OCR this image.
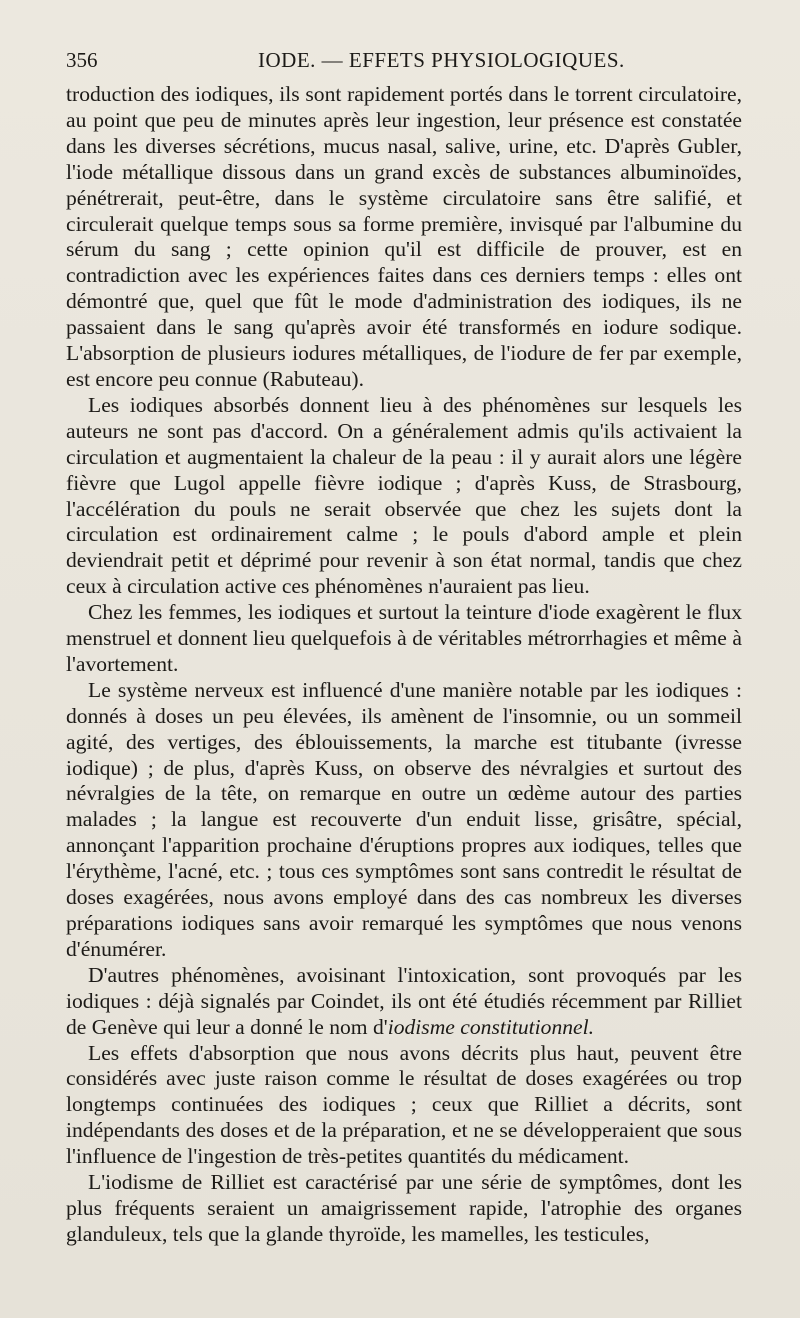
356	IODE. — EFFETS PHYSIOLOGIQUES.

troduction des iodiques, ils sont rapidement portés dans le torrent circulatoire, au point que peu de minutes après leur ingestion, leur présence est constatée dans les diverses sécrétions, mucus nasal, salive, urine, etc. D'après Gubler, l'iode métallique dissous dans un grand excès de substances albuminoïdes, pénétrerait, peut-être, dans le système circulatoire sans être salifié, et circulerait quelque temps sous sa forme première, invisqué par l'albumine du sérum du sang ; cette opinion qu'il est difficile de prouver, est en contradiction avec les expériences faites dans ces derniers temps : elles ont démontré que, quel que fût le mode d'administration des iodiques, ils ne passaient dans le sang qu'après avoir été transformés en iodure sodique. L'absorption de plusieurs iodures métalliques, de l'iodure de fer par exemple, est encore peu connue (Rabuteau).

Les iodiques absorbés donnent lieu à des phénomènes sur lesquels les auteurs ne sont pas d'accord. On a généralement admis qu'ils activaient la circulation et augmentaient la chaleur de la peau : il y aurait alors une légère fièvre que Lugol appelle fièvre iodique ; d'après Kuss, de Strasbourg, l'accélération du pouls ne serait observée que chez les sujets dont la circulation est ordinairement calme ; le pouls d'abord ample et plein deviendrait petit et déprimé pour revenir à son état normal, tandis que chez ceux à circulation active ces phénomènes n'auraient pas lieu.

Chez les femmes, les iodiques et surtout la teinture d'iode exagèrent le flux menstruel et donnent lieu quelquefois à de véritables métrorrhagies et même à l'avortement.

Le système nerveux est influencé d'une manière notable par les iodiques : donnés à doses un peu élevées, ils amènent de l'insomnie, ou un sommeil agité, des vertiges, des éblouissements, la marche est titubante (ivresse iodique) ; de plus, d'après Kuss, on observe des névralgies et surtout des névralgies de la tête, on remarque en outre un œdème autour des parties malades ; la langue est recouverte d'un enduit lisse, grisâtre, spécial, annonçant l'apparition prochaine d'éruptions propres aux iodiques, telles que l'érythème, l'acné, etc. ; tous ces symptômes sont sans contredit le résultat de doses exagérées, nous avons employé dans des cas nombreux les diverses préparations iodiques sans avoir remarqué les symptômes que nous venons d'énumérer.

D'autres phénomènes, avoisinant l'intoxication, sont provoqués par les iodiques : déjà signalés par Coindet, ils ont été étudiés récemment par Rilliet de Genève qui leur a donné le nom d'iodisme constitutionnel.

Les effets d'absorption que nous avons décrits plus haut, peuvent être considérés avec juste raison comme le résultat de doses exagérées ou trop longtemps continuées des iodiques ; ceux que Rilliet a décrits, sont indépendants des doses et de la préparation, et ne se développeraient que sous l'influence de l'ingestion de très-petites quantités du médicament.

L'iodisme de Rilliet est caractérisé par une série de symptômes, dont les plus fréquents seraient un amaigrissement rapide, l'atrophie des organes glanduleux, tels que la glande thyroïde, les mamelles, les testicules,
